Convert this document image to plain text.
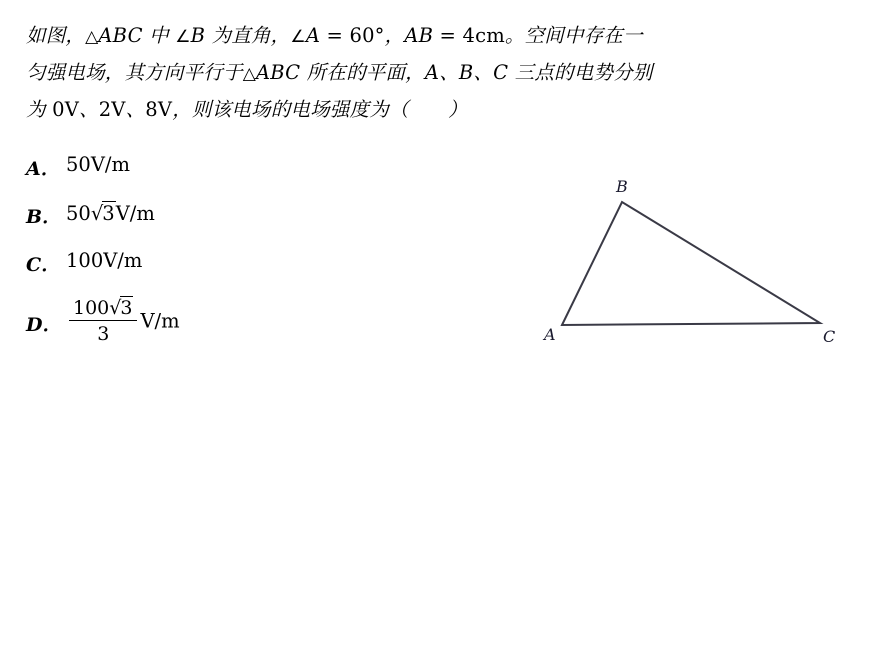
如图，△ABC 中 ∠B 为直角，∠A = 60°，AB = 4cm。空间中存在一
匀强电场，其方向平行于△ABC 所在的平面，A、B、C 三点的电势分别
为 0V、2V、8V，则该电场的电场强度为（　　）
A． 50V/m
B． 50√3V/m
C． 100V/m
D． $\frac{100√3}{3} V/m$
B
A	C
